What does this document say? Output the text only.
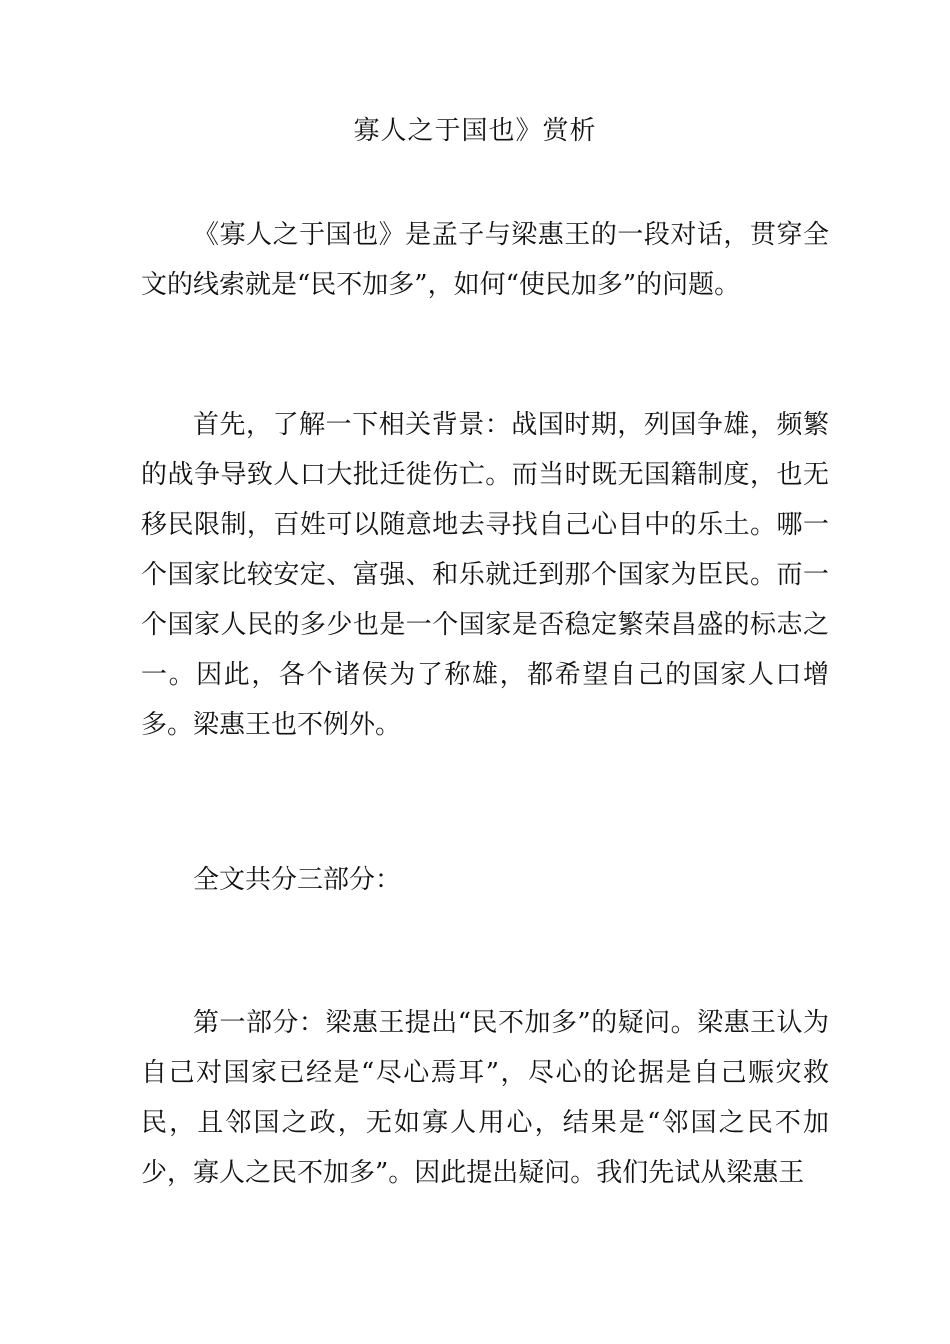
寡人之于国也》赏析

《寡人之于国也》是孟子与梁惠王的一段对话，贯穿全文的线索就是“民不加多”，如何“使民加多”的问题。

首先，了解一下相关背景：战国时期，列国争雄，频繁的战争导致人口大批迁徙伤亡。而当时既无国籍制度，也无移民限制，百姓可以随意地去寻找自己心目中的乐土。哪一个国家比较安定、富强、和乐就迁到那个国家为臣民。而一个国家人民的多少也是一个国家是否稳定繁荣昌盛的标志之一。因此，各个诸侯为了称雄，都希望自己的国家人口增多。梁惠王也不例外。

全文共分三部分：

第一部分：梁惠王提出“民不加多”的疑问。梁惠王认为自己对国家已经是“尽心焉耳”，尽心的论据是自己赈灾救民，且邻国之政，无如寡人用心，结果是“邻国之民不加少，寡人之民不加多”。因此提出疑问。我们先试从梁惠王
